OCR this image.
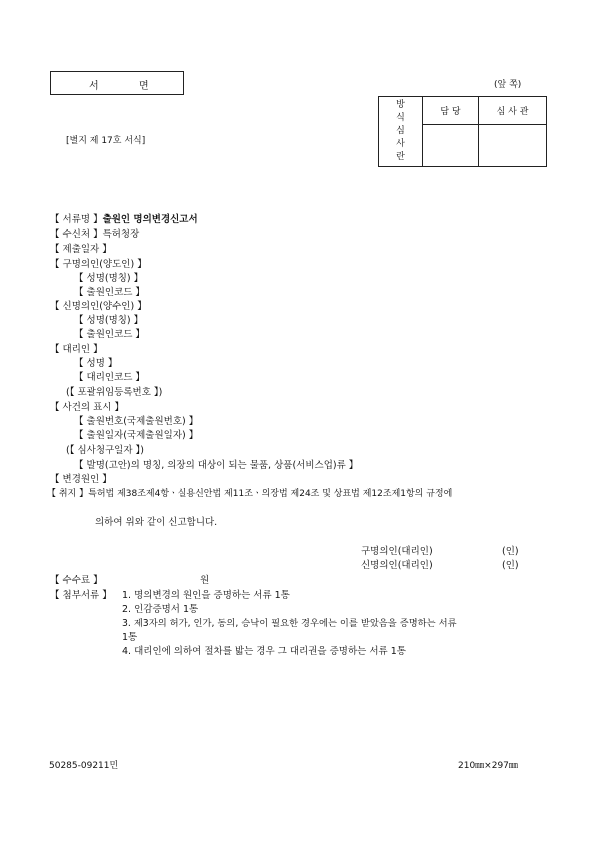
서	면	(앞 쪽)
[별지 제 17호 서식]
방
식
심
사
란	담 당	심 사 관

【 서류명 】출원인 명의변경신고서
【 수신처 】특허청장
【 제출일자 】
【 구명의인(양도인) 】
【 성명(명칭) 】
【 출원인코드 】
【 신명의인(양수인) 】
【 성명(명칭) 】
【 출원인코드 】
【 대리인 】
【 성명 】
【 대리인코드 】
(【 포괄위임등록번호 】)
【 사건의 표시 】
【 출원번호(국제출원번호) 】
【 출원일자(국제출원일자) 】
(【 심사청구일자 】)
【 발명(고안)의 명칭, 의장의 대상이 되는 물품, 상품(서비스업)류 】
【 변경원인 】
【 취지 】특허법 제38조제4항ㆍ실용신안법 제11조ㆍ의장법 제24조 및 상표법 제12조제1항의 규정에
의하여 위와 같이 신고합니다.
구명의인(대리인)	(인)
신명의인(대리인)	(인)
【 수수료 】	원
【 첨부서류 】 1. 명의변경의 원인을 증명하는 서류 1통
2. 인감증명서 1통
3. 제3자의 허가, 인가, 동의, 승낙이 필요한 경우에는 이를 받았음을 증명하는 서류
1통
4. 대리인에 의하여 절차를 밟는 경우 그 대리권을 증명하는 서류 1통
50285-09211민	210㎜×297㎜
